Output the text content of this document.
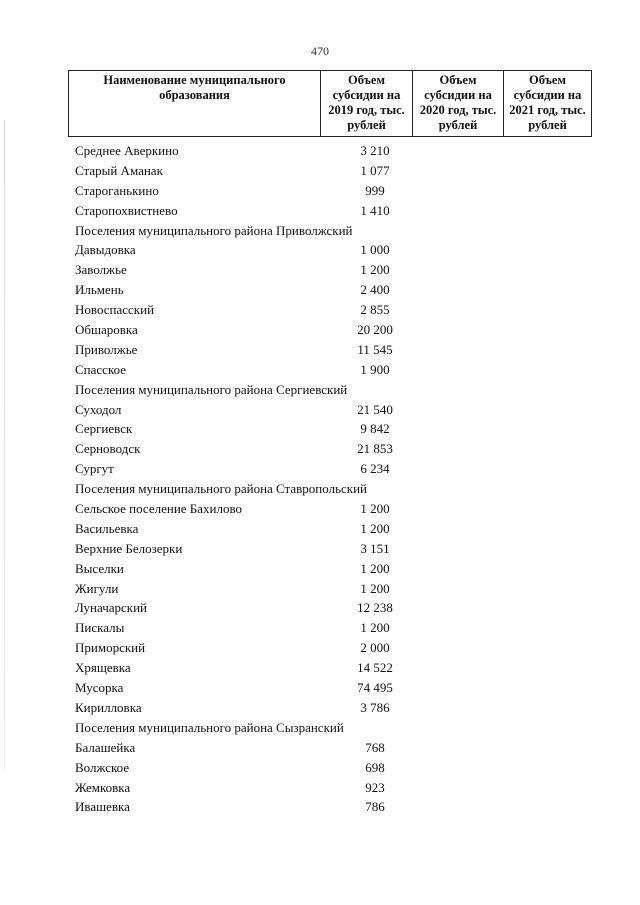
470
Наименование муниципального образования	Объем субсидии на 2019 год, тыс. рублей	Объем субсидии на 2020 год, тыс. рублей	Объем субсидии на 2021 год, тыс. рублей
Среднее Аверкино	3 210
Старый Аманак	1 077
Староганькино	999
Старопохвистнево	1 410
Поселения муниципального района Приволжский
Давыдовка	1 000
Заволжье	1 200
Ильмень	2 400
Новоспасский	2 855
Обшаровка	20 200
Приволжье	11 545
Спасское	1 900
Поселения муниципального района Сергиевский
Суходол	21 540
Сергиевск	9 842
Серноводск	21 853
Сургут	6 234
Поселения муниципального района Ставропольский
Сельское поселение Бахилово	1 200
Васильевка	1 200
Верхние Белозерки	3 151
Выселки	1 200
Жигули	1 200
Луначарский	12 238
Пискалы	1 200
Приморский	2 000
Хрящевка	14 522
Мусорка	74 495
Кирилловка	3 786
Поселения муниципального района Сызранский
Балашейка	768
Волжское	698
Жемковка	923
Ивашевка	786
